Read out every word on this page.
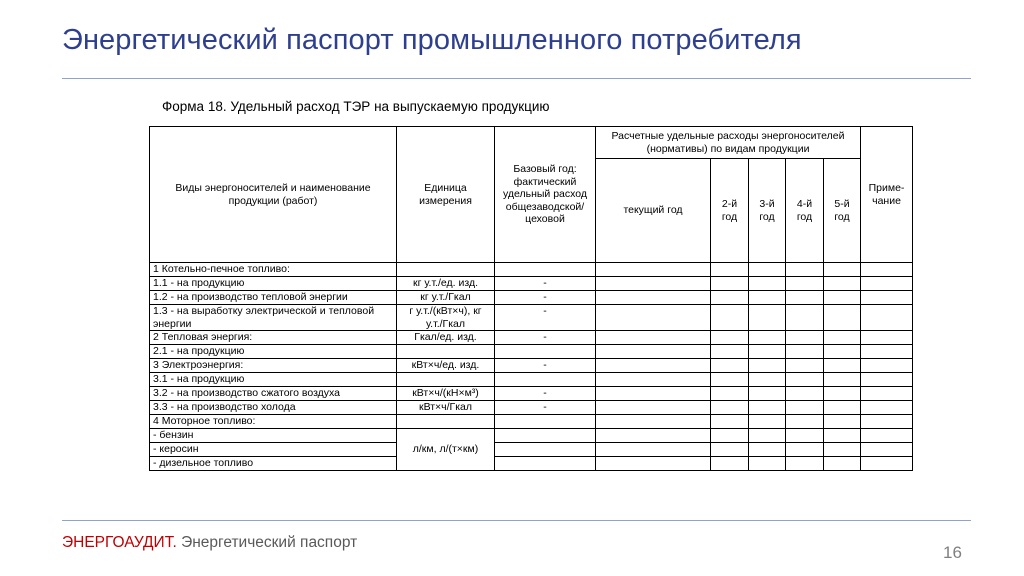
Энергетический паспорт промышленного потребителя
Форма 18. Удельный расход ТЭР на выпускаемую продукцию
Виды энергоносителей и наименование продукции (работ)	Единица измерения	Базовый год: фактический удельный расход общезаводской/ цеховой	Расчетные удельные расходы энергоносителей (нормативы) по видам продукции					Приме-чание
			текущий год	2-й год	3-й год	4-й год	5-й год	
1 Котельно-печное топливо:								
1.1 - на продукцию	кг у.т./ед. изд.	-						
1.2 - на производство тепловой энергии	кг у.т./Гкал	-						
1.3 - на выработку электрической и тепловой энергии	г у.т./(кВт×ч), кг у.т./Гкал	-						
2 Тепловая энергия:	Гкал/ед. изд.	-						
2.1 - на продукцию								
3 Электроэнергия:	кВт×ч/ед. изд.	-						
3.1 - на продукцию								
3.2 - на производство сжатого воздуха	кВт×ч/(кН×м³)	-						
3.3 - на производство холода	кВт×ч/Гкал	-						
4 Моторное топливо:								
- бензин	л/км, л/(т×км)							
- керосин								
- дизельное топливо								
ЭНЕРГОАУДИТ. Энергетический паспорт
16
